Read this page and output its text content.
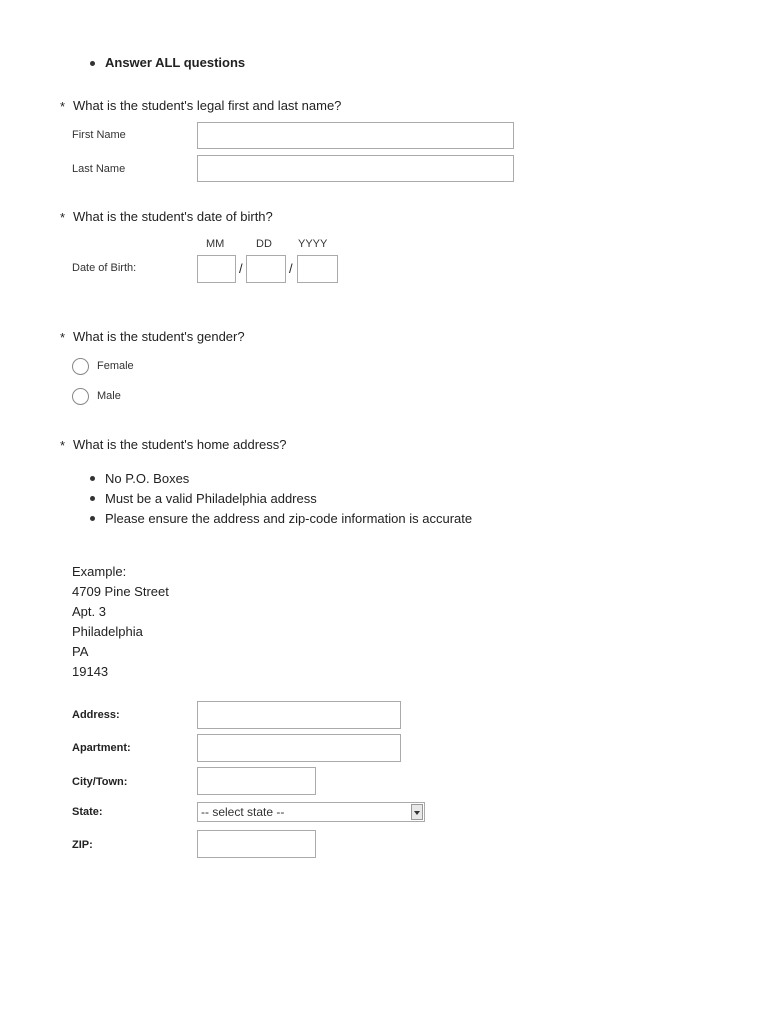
Answer ALL questions
* What is the student's legal first and last name?
First Name
Last Name
* What is the student's date of birth?
MM	DD YYYY
Date of Birth:	/	/
* What is the student's gender?
Female
Male
* What is the student's home address?
No P.O. Boxes
Must be a valid Philadelphia address
Please ensure the address and zip-code information is accurate
Example:
4709 Pine Street
Apt. 3
Philadelphia
PA
19143
Address:
Apartment:
City/Town:
State:	-- select state --
ZIP:
